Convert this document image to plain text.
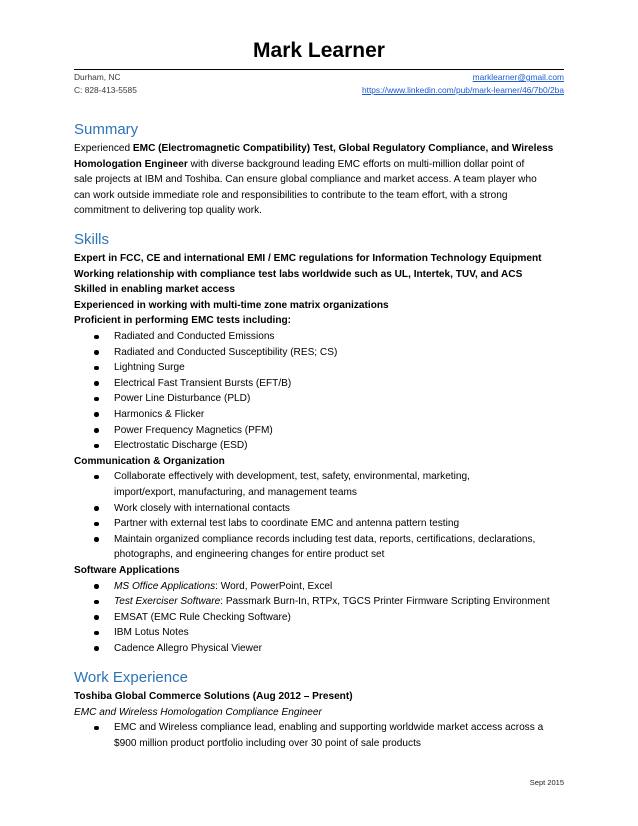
Mark Learner
Durham, NC	marklearner@gmail.com
C: 828-413-5585	https://www.linkedin.com/pub/mark-learner/46/7b0/2ba
Summary
Experienced EMC (Electromagnetic Compatibility) Test, Global Regulatory Compliance, and Wireless
Homologation Engineer with diverse background leading EMC efforts on multi-million dollar point of
sale projects at IBM and Toshiba. Can ensure global compliance and market access. A team player who
can work outside immediate role and responsibilities to contribute to the team effort, with a strong
commitment to delivering top quality work.
Skills
Expert in FCC, CE and international EMI / EMC regulations for Information Technology Equipment
Working relationship with compliance test labs worldwide such as UL, Intertek, TUV, and ACS
Skilled in enabling market access
Experienced in working with multi-time zone matrix organizations
Proficient in performing EMC tests including:
Radiated and Conducted Emissions
Radiated and Conducted Susceptibility (RES; CS)
Lightning Surge
Electrical Fast Transient Bursts (EFT/B)
Power Line Disturbance (PLD)
Harmonics & Flicker
Power Frequency Magnetics (PFM)
Electrostatic Discharge (ESD)
Communication & Organization
Collaborate effectively with development, test, safety, environmental, marketing,
import/export, manufacturing, and management teams
Work closely with international contacts
Partner with external test labs to coordinate EMC and antenna pattern testing
Maintain organized compliance records including test data, reports, certifications, declarations,
photographs, and engineering changes for entire product set
Software Applications
MS Office Applications: Word, PowerPoint, Excel
Test Exerciser Software: Passmark Burn-In, RTPx, TGCS Printer Firmware Scripting Environment
EMSAT (EMC Rule Checking Software)
IBM Lotus Notes
Cadence Allegro Physical Viewer
Work Experience
Toshiba Global Commerce Solutions (Aug 2012 – Present)
EMC and Wireless Homologation Compliance Engineer
EMC and Wireless compliance lead, enabling and supporting worldwide market access across a
$900 million product portfolio including over 30 point of sale products
Sept 2015
